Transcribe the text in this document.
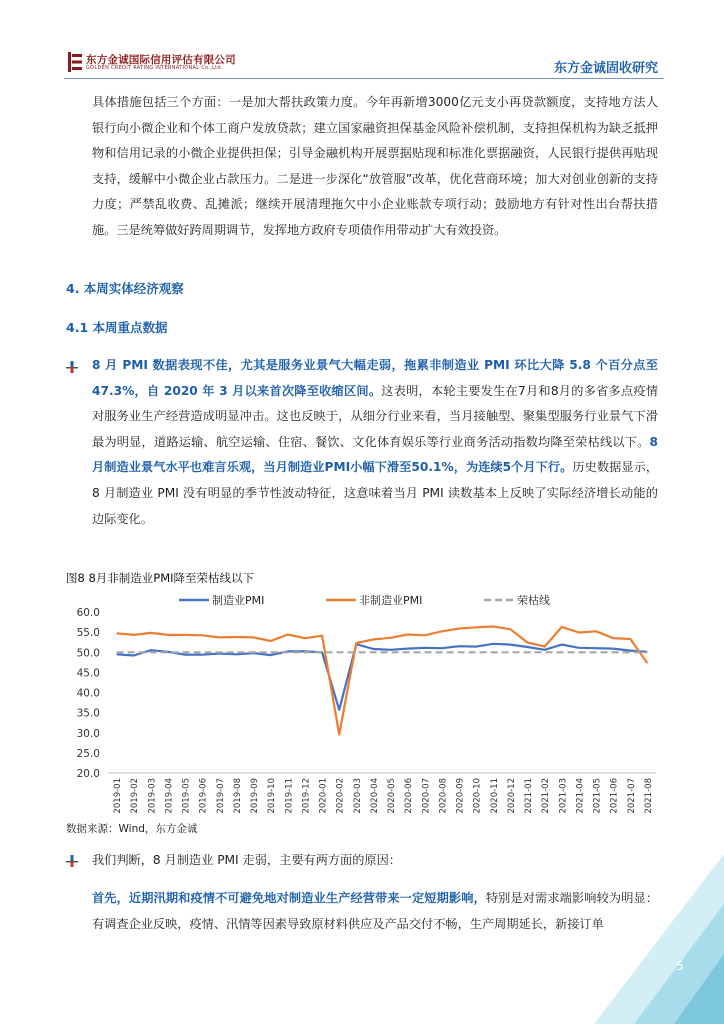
东方金诚国际信用评估有限公司
GOLDEN CREDIT RATING INTERNATIONAL Co.,Ltd.	东方金诚固收研究

具体措施包括三个方面：一是加大帮扶政策力度。今年再新增3000亿元支小再贷款额度，支持地方法人银行向小微企业和个体工商户发放贷款；建立国家融资担保基金风险补偿机制，支持担保机构为缺乏抵押物和信用记录的小微企业提供担保；引导金融机构开展票据贴现和标准化票据融资，人民银行提供再贴现支持，缓解中小微企业占款压力。二是进一步深化“放管服”改革，优化营商环境；加大对创业创新的支持力度；严禁乱收费、乱摊派；继续开展清理拖欠中小企业账款专项行动；鼓励地方有针对性出台帮扶措施。三是统筹做好跨周期调节，发挥地方政府专项债作用带动扩大有效投资。

4. 本周实体经济观察
4.1 本周重点数据

8 月 PMI 数据表现不佳，尤其是服务业景气大幅走弱，拖累非制造业 PMI 环比大降 5.8 个百分点至 47.3%，自 2020 年 3 月以来首次降至收缩区间。这表明，本轮主要发生在7月和8月的多省多点疫情对服务业生产经营造成明显冲击。这也反映于，从细分行业来看，当月接触型、聚集型服务行业景气下滑最为明显，道路运输、航空运输、住宿、餐饮、文化体育娱乐等行业商务活动指数均降至荣枯线以下。8月制造业景气水平也难言乐观，当月制造业PMI小幅下滑至50.1%，为连续5个月下行。历史数据显示，8 月制造业 PMI 没有明显的季节性波动特征，这意味着当月 PMI 读数基本上反映了实际经济增长动能的边际变化。

图8 8月非制造业PMI降至荣枯线以下
60.0
55.0
50.0
45.0
40.0
35.0
30.0
25.0
20.0
2019-01 2019-02 2019-03 2019-04 2019-05 2019-06 2019-07 2019-08 2019-09 2019-10 2019-11 2019-12 2020-01 2020-02 2020-03 2020-04 2020-05 2020-06 2020-07 2020-08 2020-09 2020-10 2020-11 2020-12 2021-01 2021-02 2021-03 2021-04 2021-05 2021-06 2021-07 2021-08
制造业PMI	非制造业PMI	荣枯线
数据来源：Wind，东方金诚

我们判断，8 月制造业 PMI 走弱，主要有两方面的原因：

首先，近期汛期和疫情不可避免地对制造业生产经营带来一定短期影响，特别是对需求端影响较为明显：有调查企业反映，疫情、汛情等因素导致原材料供应及产品交付不畅，生产周期延长，新接订单

5
